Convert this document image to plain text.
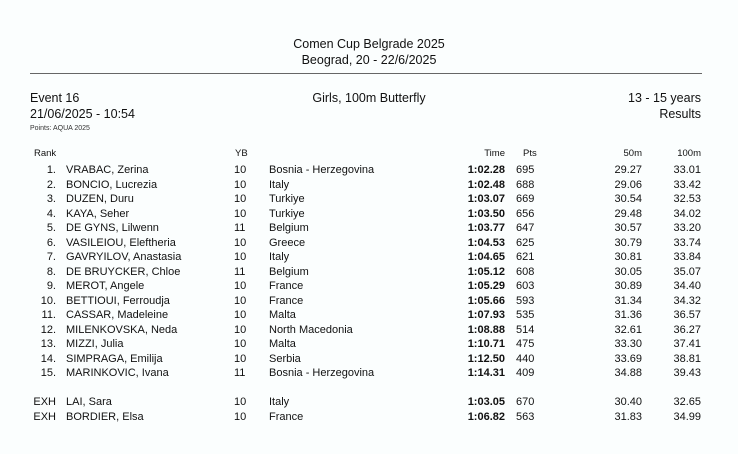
Comen Cup Belgrade 2025
Beograd, 20 - 22/6/2025
Event 16	Girls, 100m Butterfly	13 - 15 years
21/06/2025 - 10:54	Results
Points: AQUA 2025
Rank	YB	Time Pts	50m	100m
1. VRABAC, Zerina	10 Bosnia - Herzegovina	1:02.28 695	29.27	33.01
2. BONCIO, Lucrezia	10 Italy	1:02.48 688	29.06	33.42
3. DUZEN, Duru	10 Turkiye	1:03.07 669	30.54	32.53
4. KAYA, Seher	10 Turkiye	1:03.50 656	29.48	34.02
5. DE GYNS, Lilwenn	11 Belgium	1:03.77 647	30.57	33.20
6. VASILEIOU, Eleftheria	10 Greece	1:04.53 625	30.79	33.74
7. GAVRYILOV, Anastasia	10 Italy	1:04.65 621	30.81	33.84
8. DE BRUYCKER, Chloe	11 Belgium	1:05.12 608	30.05	35.07
9. MEROT, Angele	10 France	1:05.29 603	30.89	34.40
10. BETTIOUI, Ferroudja	10 France	1:05.66 593	31.34	34.32
11. CASSAR, Madeleine	10 Malta	1:07.93 535	31.36	36.57
12. MILENKOVSKA, Neda	10 North Macedonia	1:08.88 514	32.61	36.27
13. MIZZI, Julia	10 Malta	1:10.71 475	33.30	37.41
14. SIMPRAGA, Emilija	10 Serbia	1:12.50 440	33.69	38.81
15. MARINKOVIC, Ivana	11 Bosnia - Herzegovina	1:14.31 409	34.88	39.43
EXH LAI, Sara	10 Italy	1:03.05 670	30.40	32.65
EXH BORDIER, Elsa	10 France	1:06.82 563	31.83	34.99
